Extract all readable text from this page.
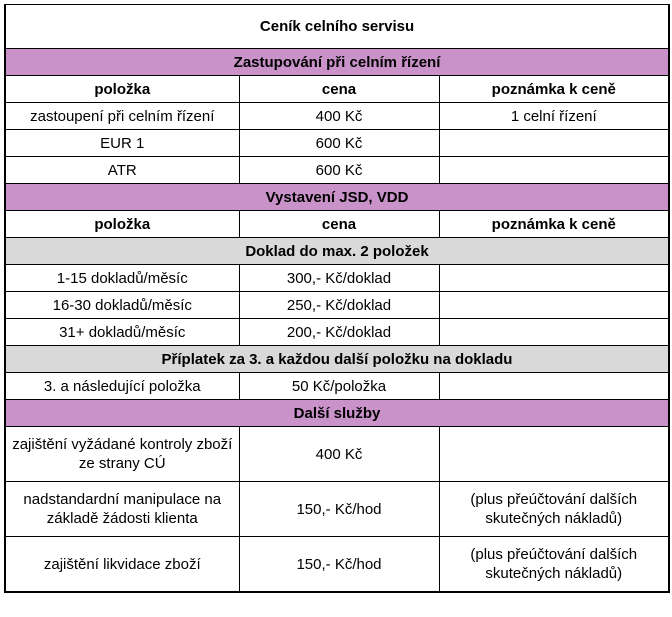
Ceník celního servisu		
Zastupování při celním řízení		
položka	cena	poznámka k ceně
zastoupení při celním řízení	400 Kč	1 celní řízení
EUR 1	600 Kč	
ATR	600 Kč	
Vystavení JSD, VDD		
položka	cena	poznámka k ceně
Doklad do max. 2 položek		
1-15 dokladů/měsíc	300,- Kč/doklad	
16-30 dokladů/měsíc	250,- Kč/doklad	
31+ dokladů/měsíc	200,- Kč/doklad	
Příplatek za 3. a každou další položku na dokladu		
3. a následující položka	50 Kč/položka	
Další služby		
zajištění vyžádané kontroly zboží ze strany CÚ	400 Kč	
nadstandardní manipulace na základě žádosti klienta	150,- Kč/hod	(plus přeúčtování dalších skutečných nákladů)
zajištění likvidace zboží	150,- Kč/hod	(plus přeúčtování dalších skutečných nákladů)
